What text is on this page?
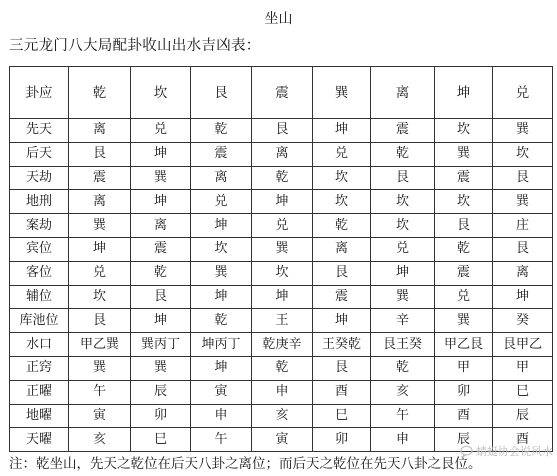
坐山
三元龙门八大局配卦收山出水吉凶表：
卦应	乾	坎	艮	震	巽	离	坤	兑
先天	离	兑	乾	艮	坤	震	坎	巽
后天	艮	坤	震	离	兑	乾	巽	坎
天劫	震	巽	离	乾	坎	艮	震	艮
地刑	离	坤	兑	坤	坎	坎	坎	巽
案劫	巽	离	坤	兑	乾	坎	艮	庄
宾位	坤	震	坎	巽	离	兑	乾	艮
客位	兑	乾	巽	坎	艮	坤	震	离
辅位	坎	艮	坤	坤	震	巽	兑	坤
库池位	艮	坤	乾	王	坤	辛	巽	癸
水口	甲乙巽	巽丙丁	坤丙丁	乾庚辛	王癸乾	艮王癸	甲乙艮	艮甲乙
正窍	巽	巽	坤	乾	艮	乾	甲	甲
正曜	午	辰	寅	申	酉	亥	卯	巳
地曜	寅	卯	申	亥	巳	午	酉	辰
天曜	亥	巳	午	寅	卯	申	辰	酉
注：乾坐山，先天之乾位在后天八卦之离位；而后天之乾位在先天八卦之艮位。
蜻蜓协会说风水
